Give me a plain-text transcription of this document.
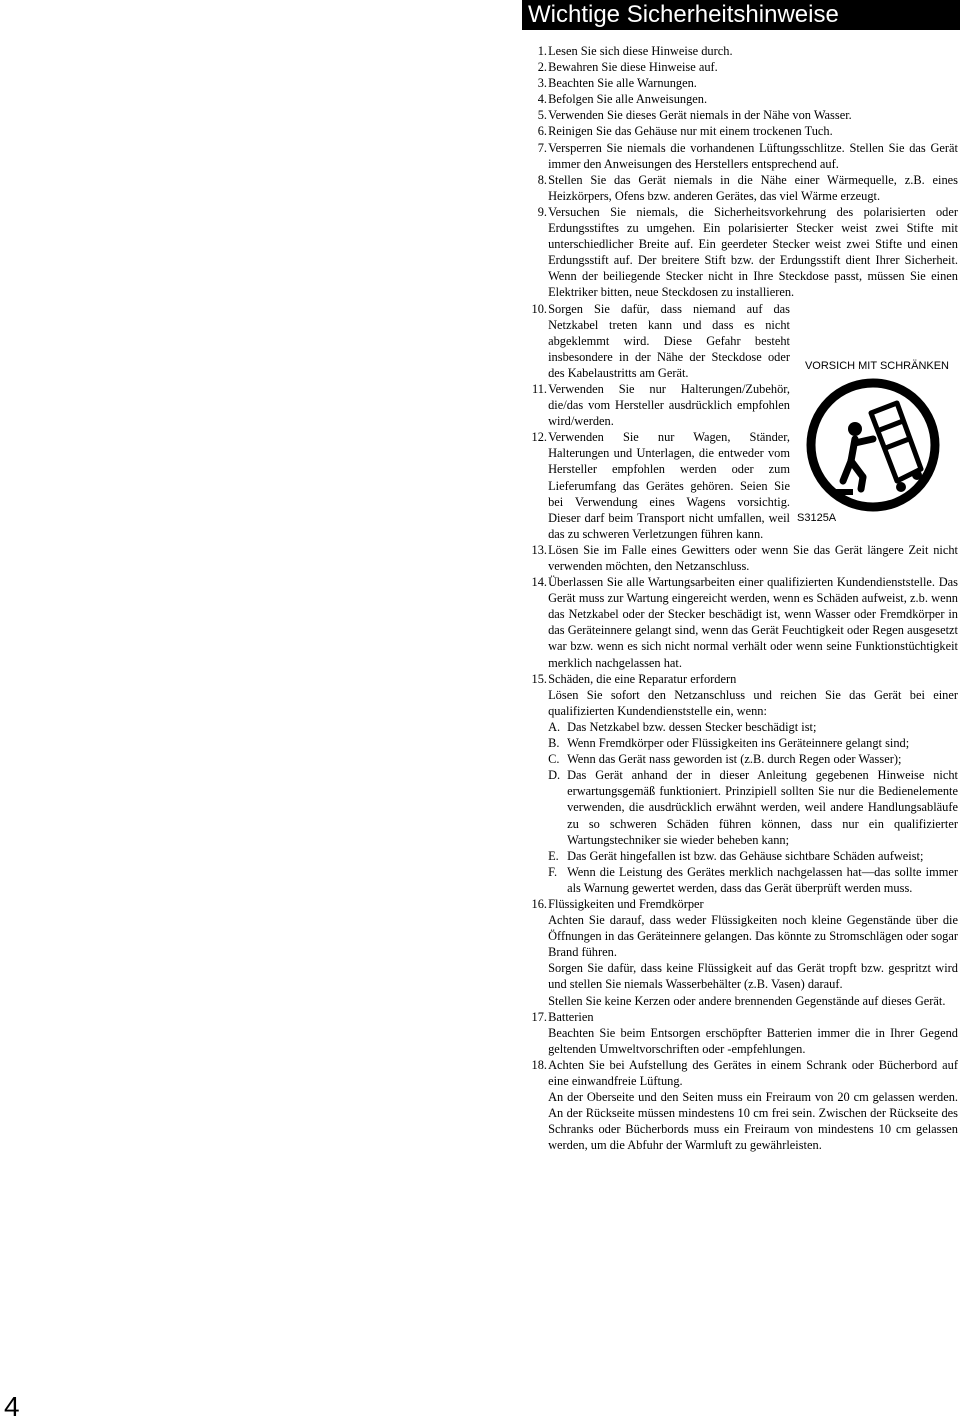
Wichtige Sicherheitshinweise
1.
Lesen Sie sich diese Hinweise durch.
2.
Bewahren Sie diese Hinweise auf.
3.
Beachten Sie alle Warnungen.
4.
Befolgen Sie alle Anweisungen.
5.
Verwenden Sie dieses Gerät niemals in der Nähe von Wasser.
6.
Reinigen Sie das Gehäuse nur mit einem trockenen Tuch.
7.
Versperren Sie niemals die vorhandenen Lüftungsschlitze. Stellen Sie das Gerät immer den Anweisungen des Herstellers entsprechend auf.
8.
Stellen Sie das Gerät niemals in die Nähe einer Wärmequelle, z.B. eines Heizkörpers, Ofens bzw. anderen Gerätes, das viel Wärme erzeugt.
9.
Versuchen Sie niemals, die Sicherheitsvorkehrung des polarisierten oder Erdungsstiftes zu umgehen. Ein polarisierter Stecker weist zwei Stifte mit unterschiedlicher Breite auf. Ein geerdeter Stecker weist zwei Stifte und einen Erdungsstift auf. Der breitere Stift bzw. der Erdungsstift dient Ihrer Sicherheit. Wenn der beiliegende Stecker nicht in Ihre Steckdose passt, müssen Sie einen Elektriker bitten, neue Steckdosen zu installieren.
10.
Sorgen Sie dafür, dass niemand auf das Netzkabel treten kann und dass es nicht abgeklemmt wird. Diese Gefahr besteht insbesondere in der Nähe der Steckdose oder des Kabelaustritts am Gerät.
11.
Verwenden Sie nur Halterungen/Zubehör, die/das vom Hersteller ausdrücklich empfohlen wird/werden.
12.
Verwenden Sie nur Wagen, Ständer, Halterungen und Unterlagen, die entweder vom Hersteller empfohlen werden oder zum Lieferumfang das Gerätes gehören. Seien Sie bei Verwendung eines Wagens vorsichtig. Dieser darf beim Transport nicht umfallen, weil das zu schweren Verletzungen führen kann.
13.
Lösen Sie im Falle eines Gewitters oder wenn Sie das Gerät längere Zeit nicht verwenden möchten, den Netzanschluss.
14.
Überlassen Sie alle Wartungsarbeiten einer qualifizierten Kundendienststelle. Das Gerät muss zur Wartung eingereicht werden, wenn es Schäden aufweist, z.b. wenn das Netzkabel oder der Stecker beschädigt ist, wenn Wasser oder Fremdkörper in das Geräteinnere gelangt sind, wenn das Gerät Feuchtigkeit oder Regen ausgesetzt war bzw. wenn es sich nicht normal verhält oder wenn seine Funktionstüchtigkeit merklich nachgelassen hat.
15.
Schäden, die eine Reparatur erfordern
Lösen Sie sofort den Netzanschluss und reichen Sie das Gerät bei einer qualifizierten Kundendienststelle ein, wenn:
A. Das Netzkabel bzw. dessen Stecker beschädigt ist;
B. Wenn Fremdkörper oder Flüssigkeiten ins Geräteinnere gelangt sind;
C. Wenn das Gerät nass geworden ist (z.B. durch Regen oder Wasser);
D. Das Gerät anhand der in dieser Anleitung gegebenen Hinweise nicht erwartungsgemäß funktioniert. Prinzipiell sollten Sie nur die Bedienelemente verwenden, die ausdrücklich erwähnt werden, weil andere Handlungsabläufe zu so schweren Schäden führen können, dass nur ein qualifizierter Wartungstechniker sie wieder beheben kann;
E. Das Gerät hingefallen ist bzw. das Gehäuse sichtbare Schäden aufweist;
F. Wenn die Leistung des Gerätes merklich nachgelassen hat—das sollte immer als Warnung gewertet werden, dass das Gerät überprüft werden muss.
16.
Flüssigkeiten und Fremdkörper
Achten Sie darauf, dass weder Flüssigkeiten noch kleine Gegenstände über die Öffnungen in das Geräteinnere gelangen. Das könnte zu Stromschlägen oder sogar Brand führen.
Sorgen Sie dafür, dass keine Flüssigkeit auf das Gerät tropft bzw. gespritzt wird und stellen Sie niemals Wasserbehälter (z.B. Vasen) darauf.
Stellen Sie keine Kerzen oder andere brennenden Gegenstände auf dieses Gerät.
17.
Batterien
Beachten Sie beim Entsorgen erschöpfter Batterien immer die in Ihrer Gegend geltenden Umweltvorschriften oder -empfehlungen.
18.
Achten Sie bei Aufstellung des Gerätes in einem Schrank oder Bücherbord auf eine einwandfreie Lüftung.
An der Oberseite und den Seiten muss ein Freiraum von 20 cm gelassen werden. An der Rückseite müssen mindestens 10 cm frei sein. Zwischen der Rückseite des Schranks oder Bücherbords muss ein Freiraum von mindestens 10 cm gelassen werden, um die Abfuhr der Warmluft zu gewährleisten.
VORSICH MIT SCHRÄNKEN
S3125A
4
